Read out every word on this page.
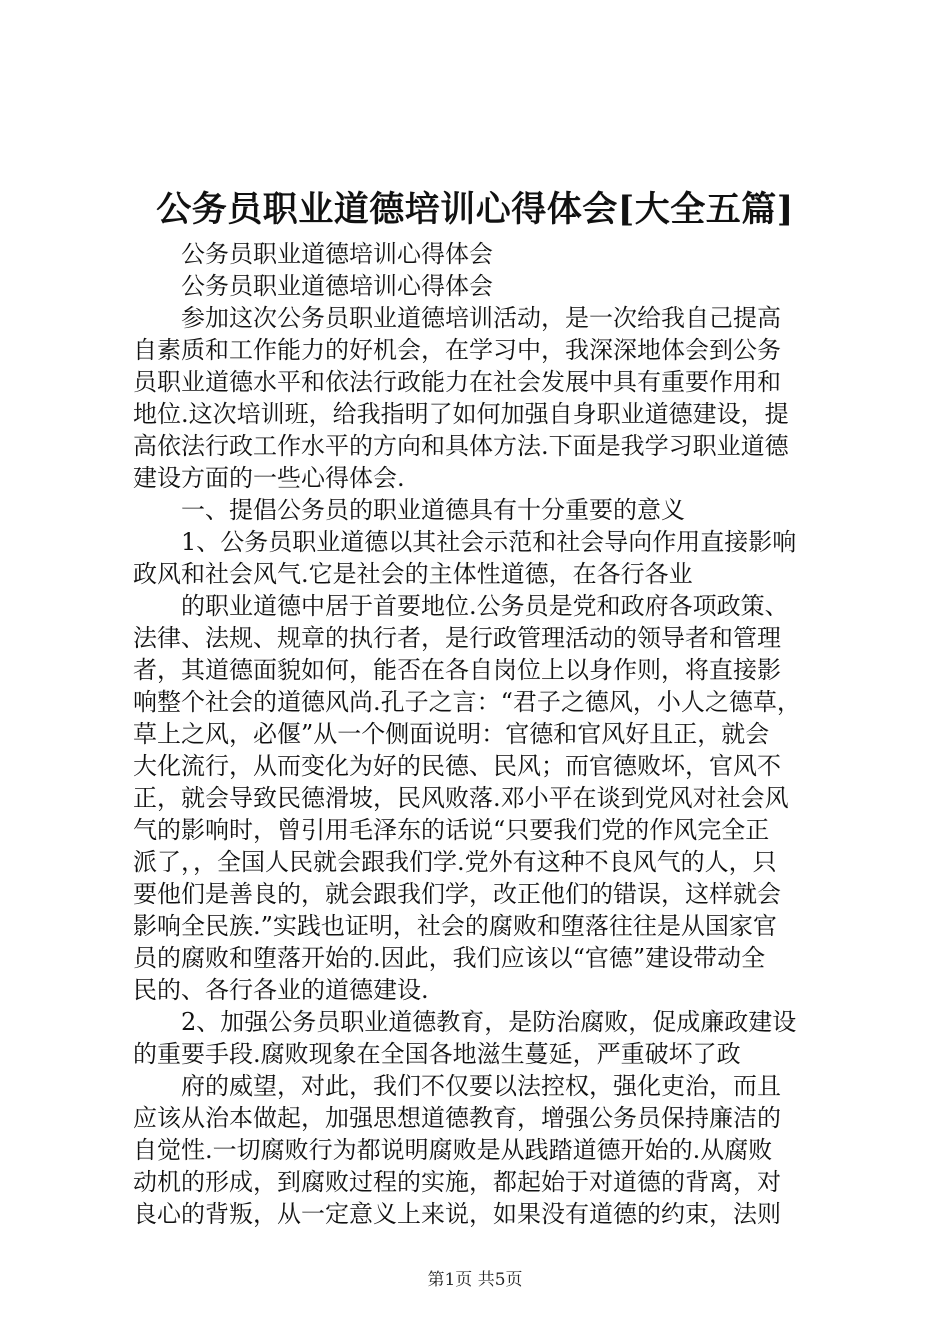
公务员职业道德培训心得体会[大全五篇]
公务员职业道德培训心得体会
公务员职业道德培训心得体会
参加这次公务员职业道德培训活动，是一次给我自己提高
自素质和工作能力的好机会，在学习中，我深深地体会到公务
员职业道德水平和依法行政能力在社会发展中具有重要作用和
地位.这次培训班，给我指明了如何加强自身职业道德建设，提
高依法行政工作水平的方向和具体方法.下面是我学习职业道德
建设方面的一些心得体会.
一、提倡公务员的职业道德具有十分重要的意义
1、公务员职业道德以其社会示范和社会导向作用直接影响
政风和社会风气.它是社会的主体性道德，在各行各业
的职业道德中居于首要地位.公务员是党和政府各项政策、
法律、法规、规章的执行者，是行政管理活动的领导者和管理
者，其道德面貌如何，能否在各自岗位上以身作则，将直接影
响整个社会的道德风尚.孔子之言：“君子之德风，小人之德草，
草上之风，必偃”从一个侧面说明：官德和官风好且正，就会
大化流行，从而变化为好的民德、民风；而官德败坏，官风不
正，就会导致民德滑坡，民风败落.邓小平在谈到党风对社会风
气的影响时，曾引用毛泽东的话说“只要我们党的作风完全正
派了，，全国人民就会跟我们学.党外有这种不良风气的人，只
要他们是善良的，就会跟我们学，改正他们的错误，这样就会
影响全民族.”实践也证明，社会的腐败和堕落往往是从国家官
员的腐败和堕落开始的.因此，我们应该以“官德”建设带动全
民的、各行各业的道德建设.
2、加强公务员职业道德教育，是防治腐败，促成廉政建设
的重要手段.腐败现象在全国各地滋生蔓延，严重破坏了政
府的威望，对此，我们不仅要以法控权，强化吏治，而且
应该从治本做起，加强思想道德教育，增强公务员保持廉洁的
自觉性.一切腐败行为都说明腐败是从践踏道德开始的.从腐败
动机的形成，到腐败过程的实施，都起始于对道德的背离，对
良心的背叛，从一定意义上来说，如果没有道德的约束，法则
第1页 共5页
